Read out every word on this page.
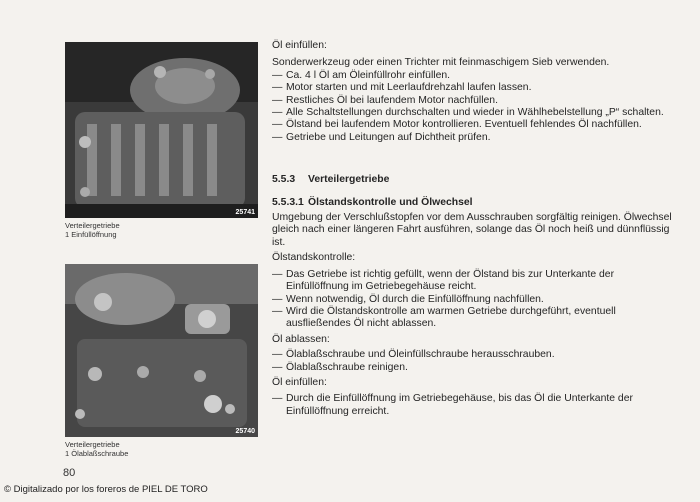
25741
Verteilergetriebe
1 Einfüllöffnung
25740
Verteilergetriebe
1 Ölablaßschraube

Öl einfüllen:

Sonderwerkzeug oder einen Trichter mit feinmaschigem Sieb verwenden.

— Ca. 4 l Öl am Öleinfüllrohr einfüllen.
— Motor starten und mit Leerlaufdrehzahl laufen lassen.
— Restliches Öl bei laufendem Motor nachfüllen.
— Alle Schaltstellungen durchschalten und wieder in Wählhebelstellung „P“ schalten.
— Ölstand bei laufendem Motor kontrollieren. Eventuell fehlendes Öl nachfüllen.
— Getriebe und Leitungen auf Dichtheit prüfen.

5.5.3 Verteilergetriebe

5.5.3.1 Ölstandskontrolle und Ölwechsel

Umgebung der Verschlußstopfen vor dem Ausschrauben sorgfältig reinigen. Ölwechsel gleich nach einer längeren Fahrt ausführen, solange das Öl noch heiß und dünnflüssig ist.

Ölstandskontrolle:

— Das Getriebe ist richtig gefüllt, wenn der Ölstand bis zur Unterkante der Einfüllöffnung im Getriebegehäuse reicht.
— Wenn notwendig, Öl durch die Einfüllöffnung nachfüllen.
— Wird die Ölstandskontrolle am warmen Getriebe durchgeführt, eventuell ausfließendes Öl nicht ablassen.

Öl ablassen:

— Ölablaßschraube und Öleinfüllschraube herausschrauben.
— Ölablaßschraube reinigen.

Öl einfüllen:

— Durch die Einfüllöffnung im Getriebegehäuse, bis das Öl die Unterkante der Einfüllöffnung erreicht.
80
© Digitalizado por los foreros de PIEL DE TORO
